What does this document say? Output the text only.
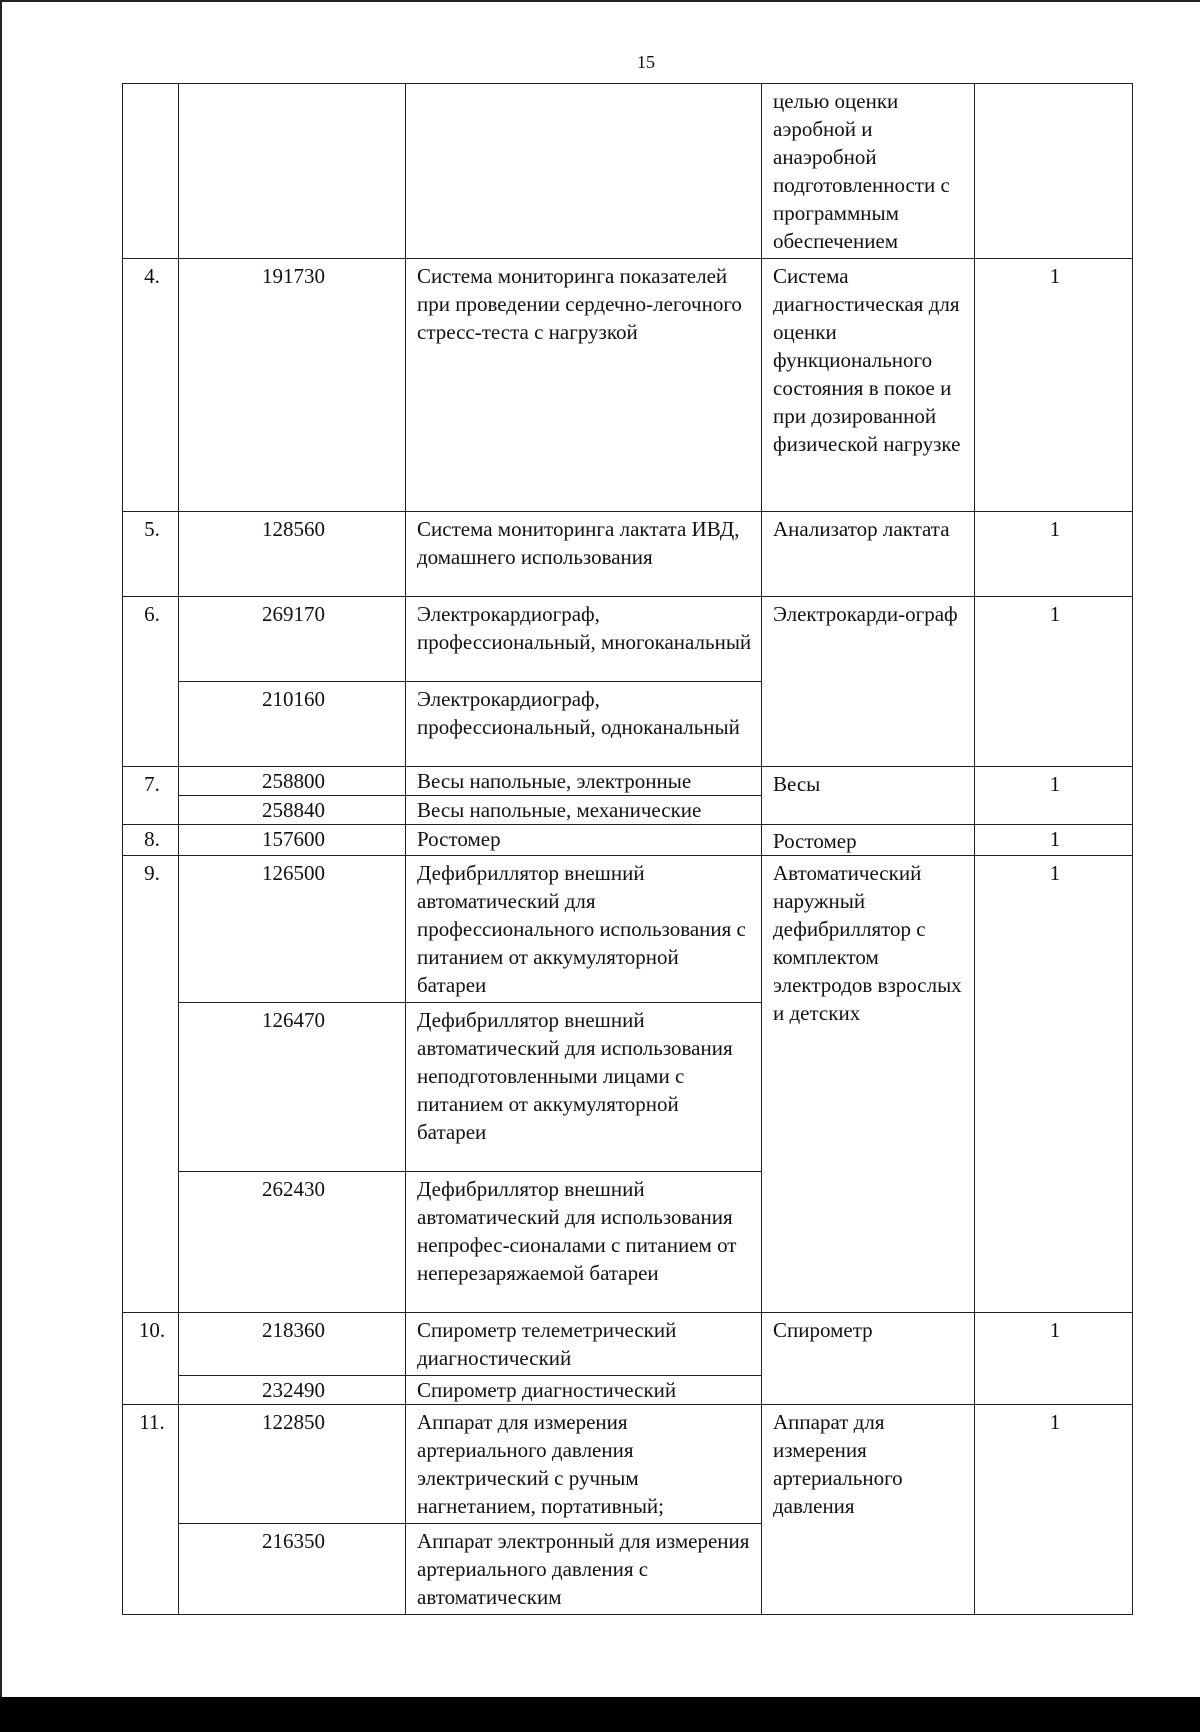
15
			целью оценки аэробной и анаэробной подготовленности с программным обеспечением	
4.	191730	Система мониторинга показателей при проведении сердечно-легочного стресс-теста с нагрузкой	Система диагностическая для оценки функционального состояния в покое и при дозированной физической нагрузке	1
5.	128560	Система мониторинга лактата ИВД, домашнего использования	Анализатор лактата	1
6.	269170	Электрокардиограф, профессиональный, многоканальный	Электрокарди-ограф	1
	210160	Электрокардиограф, профессиональный, одноканальный		
7.	258800	Весы напольные, электронные	Весы	1
	258840	Весы напольные, механические		
8.	157600	Ростомер	Ростомер	1
9.	126500	Дефибриллятор внешний автоматический для профессионального использования с питанием от аккумуляторной батареи	Автоматический наружный дефибриллятор с комплектом электродов взрослых и детских	1
	126470	Дефибриллятор внешний автоматический для использования неподготовленными лицами с питанием от аккумуляторной батареи		
	262430	Дефибриллятор внешний автоматический для использования непрофес-сионалами с питанием от неперезаряжаемой батареи		
10.	218360	Спирометр телеметрический диагностический	Спирометр	1
	232490	Спирометр диагностический		
11.	122850	Аппарат для измерения артериального давления электрический с ручным нагнетанием, портативный;	Аппарат для измерения артериального давления	1
	216350	Аппарат электронный для измерения артериального давления с автоматическим		
